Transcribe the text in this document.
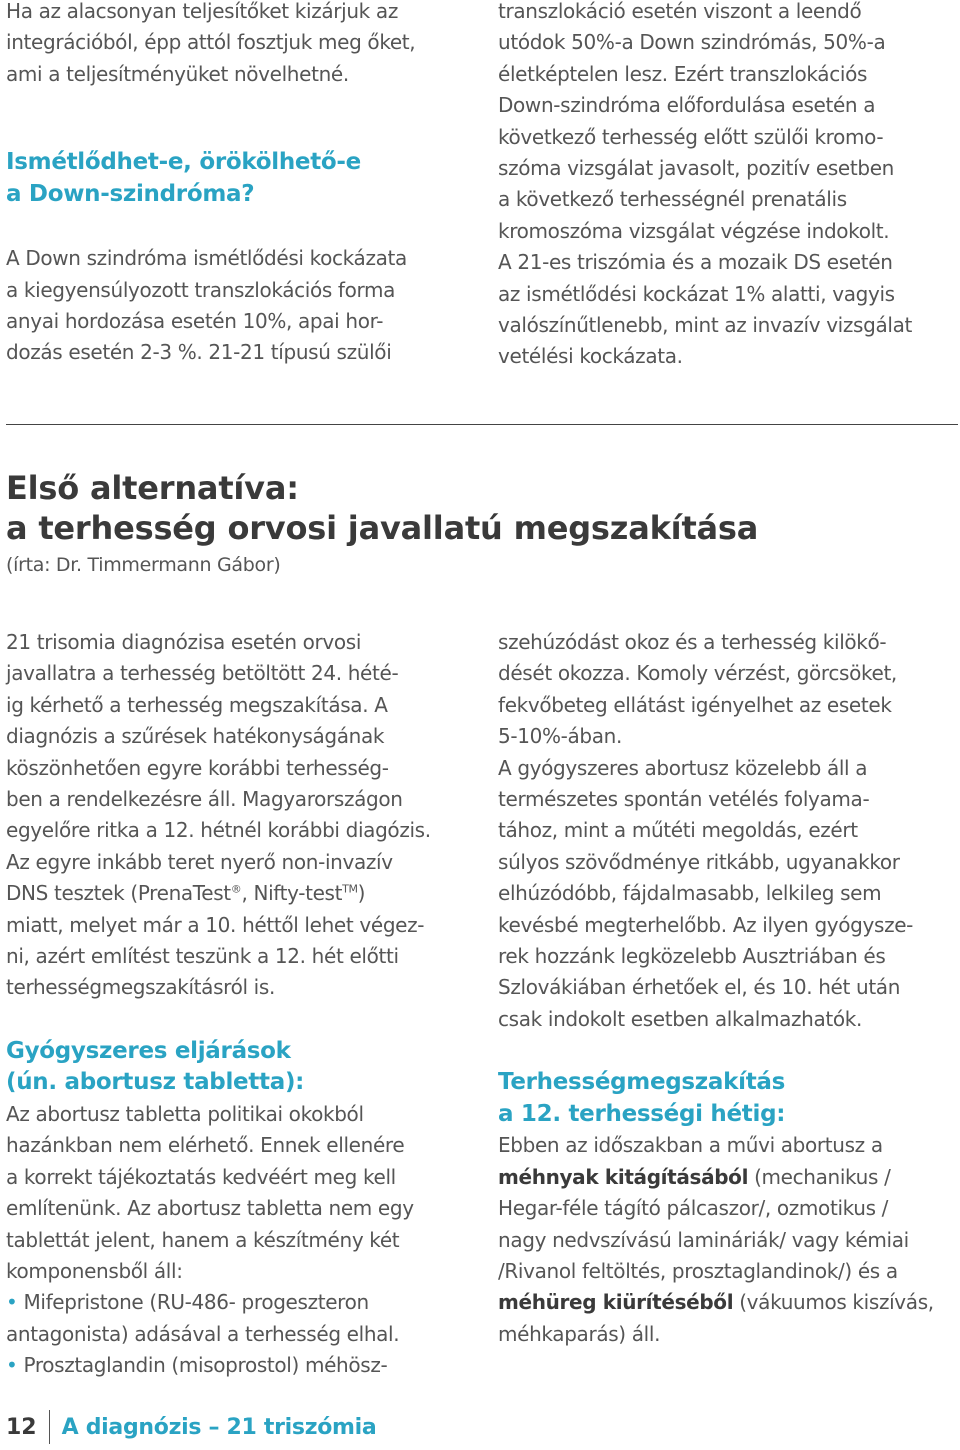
Ha az alacsonyan teljesítőket kizárjuk az
integrációból, épp attól fosztjuk meg őket,
ami a teljesítményüket növelhetné.
Ismétlődhet-e, örökölhető-e
a Down-szindróma?
A Down szindróma ismétlődési kockázata
a kiegyensúlyozott transzlokációs forma
anyai hordozása esetén 10%, apai hor-
dozás esetén 2-3 %. 21-21 típusú szülői
transzlokáció esetén viszont a leendő
utódok 50%-a Down szindrómás, 50%-a
életképtelen lesz. Ezért transzlokációs
Down-szindróma előfordulása esetén a
következő terhesség előtt szülői kromo-
szóma vizsgálat javasolt, pozitív esetben
a következő terhességnél prenatális
kromoszóma vizsgálat végzése indokolt.
A 21-es triszómia és a mozaik DS esetén
az ismétlődési kockázat 1% alatti, vagyis
valószínűtlenebb, mint az invazív vizsgálat
vetélési kockázata.
Első alternatíva:
a terhesség orvosi javallatú megszakítása
(írta: Dr. Timmermann Gábor)
21 trisomia diagnózisa esetén orvosi
javallatra a terhesség betöltött 24. hété-
ig kérhető a terhesség megszakítása. A
diagnózis a szűrések hatékonyságának
köszönhetően egyre korábbi terhesség-
ben a rendelkezésre áll. Magyarországon
egyelőre ritka a 12. hétnél korábbi diagózis.
Az egyre inkább teret nyerő non-invazív
DNS tesztek (PrenaTest®, Nifty-test™)
miatt, melyet már a 10. héttől lehet végez-
ni, azért említést teszünk a 12. hét előtti
terhességmegszakításról is.
Gyógyszeres eljárások
(ún. abortusz tabletta):
Az abortusz tabletta politikai okokból
hazánkban nem elérhető. Ennek ellenére
a korrekt tájékoztatás kedvéért meg kell
említenünk. Az abortusz tabletta nem egy
tablettát jelent, hanem a készítmény két
komponensből áll:
• Mifepristone (RU-486- progeszteron
antagonista) adásával a terhesség elhal.
• Prosztaglandin (misoprostol) méhösz-
szehúzódást okoz és a terhesség kilökő-
dését okozza. Komoly vérzést, görcsöket,
fekvőbeteg ellátást igényelhet az esetek
5-10%-ában.
A gyógyszeres abortusz közelebb áll a
természetes spontán vetélés folyama-
tához, mint a műtéti megoldás, ezért
súlyos szövődménye ritkább, ugyanakkor
elhúzódóbb, fájdalmasabb, lelkileg sem
kevésbé megterhelőbb. Az ilyen gyógysze-
rek hozzánk legközelebb Ausztriában és
Szlovákiában érhetőek el, és 10. hét után
csak indokolt esetben alkalmazhatók.
Terhességmegszakítás
a 12. terhességi hétig:
Ebben az időszakban a művi abortusz a
méhnyak kitágításából (mechanikus /
Hegar-féle tágító pálcaszor/, ozmotikus /
nagy nedvszívású lamináriák/ vagy kémiai
/Rivanol feltöltés, prosztaglandinok/) és a
méhüreg kiürítéséből (vákuumos kiszívás,
méhkaparás) áll.
12 A diagnózis – 21 triszómia
